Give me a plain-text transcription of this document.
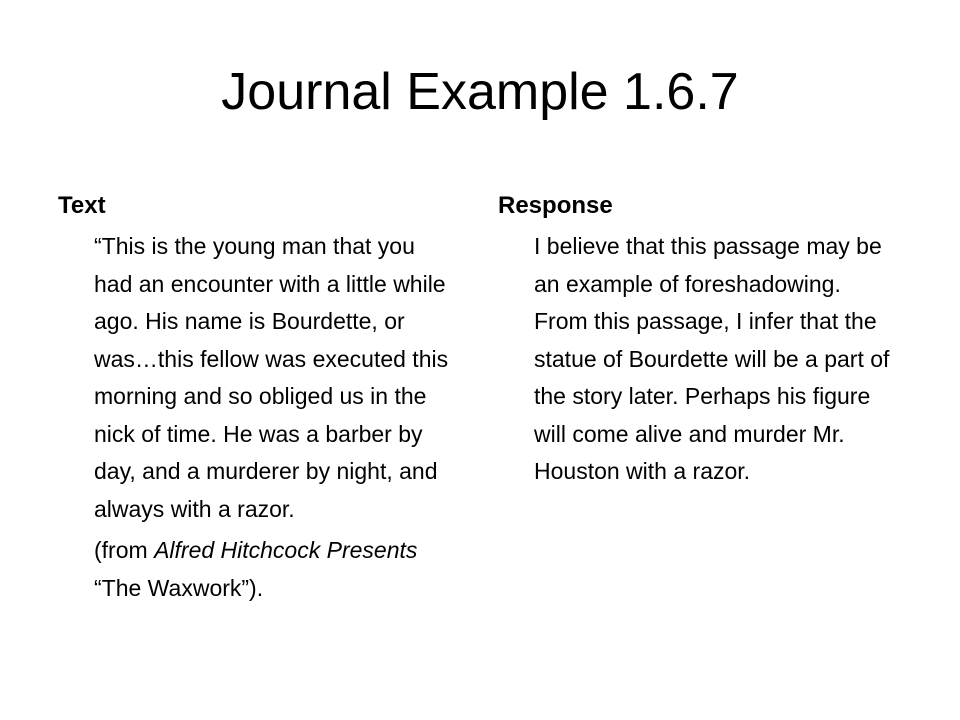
Journal Example 1.6.7
Text

“This is the young man that you had an encounter with a little while ago. His name is Bourdette, or was…this fellow was executed this morning and so obliged us in the nick of time. He was a barber by day, and a murderer by night, and always with a razor.

(from Alfred Hitchcock Presents “The Waxwork”).

Response

I believe that this passage may be an example of foreshadowing. From this passage, I infer that the statue of Bourdette will be a part of the story later. Perhaps his figure will come alive and murder Mr. Houston with a razor.
